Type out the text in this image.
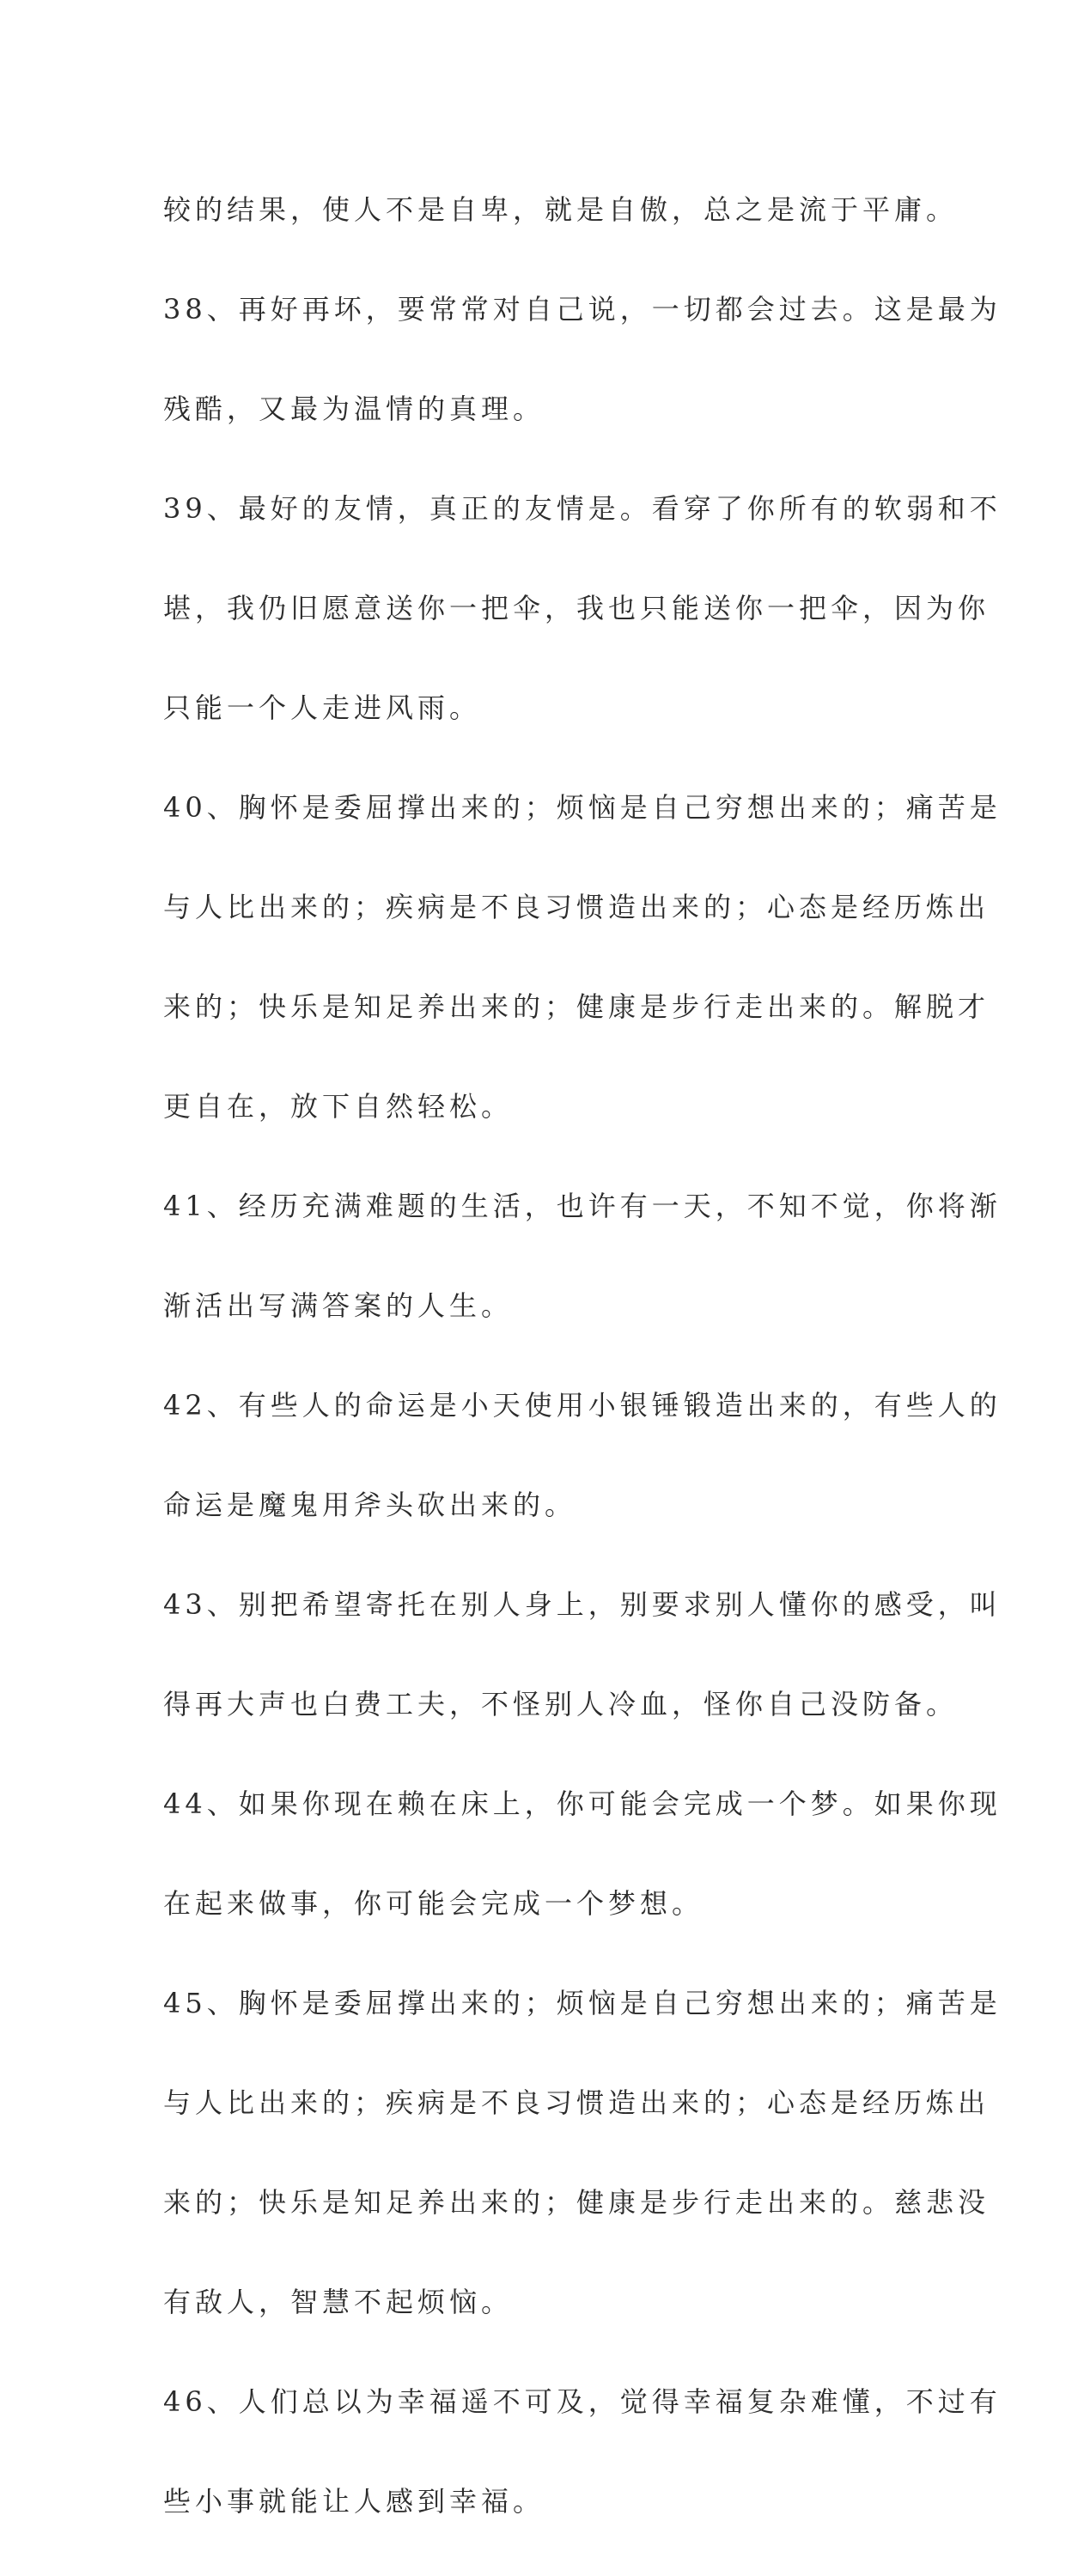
较的结果，使人不是自卑，就是自傲，总之是流于平庸。

38、再好再坏，要常常对自己说，一切都会过去。这是最为

残酷，又最为温情的真理。

39、最好的友情，真正的友情是。看穿了你所有的软弱和不

堪，我仍旧愿意送你一把伞，我也只能送你一把伞，因为你

只能一个人走进风雨。

40、胸怀是委屈撑出来的；烦恼是自己穷想出来的；痛苦是

与人比出来的；疾病是不良习惯造出来的；心态是经历炼出

来的；快乐是知足养出来的；健康是步行走出来的。解脱才

更自在，放下自然轻松。

41、经历充满难题的生活，也许有一天，不知不觉，你将渐

渐活出写满答案的人生。

42、有些人的命运是小天使用小银锤锻造出来的，有些人的

命运是魔鬼用斧头砍出来的。

43、别把希望寄托在别人身上，别要求别人懂你的感受，叫

得再大声也白费工夫，不怪别人冷血，怪你自己没防备。

44、如果你现在赖在床上，你可能会完成一个梦。如果你现

在起来做事，你可能会完成一个梦想。

45、胸怀是委屈撑出来的；烦恼是自己穷想出来的；痛苦是

与人比出来的；疾病是不良习惯造出来的；心态是经历炼出

来的；快乐是知足养出来的；健康是步行走出来的。慈悲没

有敌人，智慧不起烦恼。

46、人们总以为幸福遥不可及，觉得幸福复杂难懂，不过有

些小事就能让人感到幸福。
